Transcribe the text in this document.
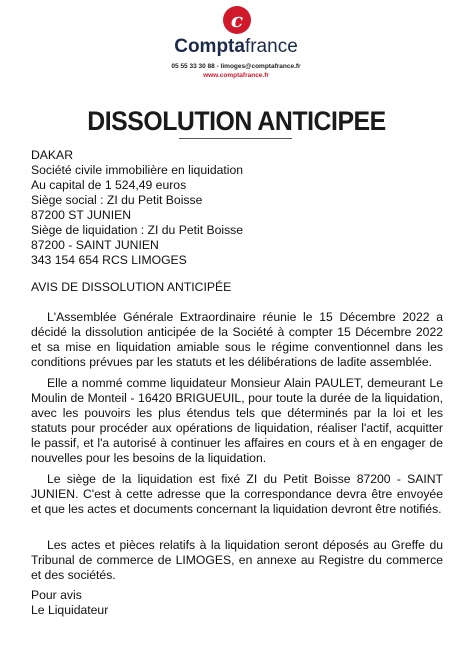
c
Comptafrance
05 55 33 30 88 - limoges@comptafrance.fr
www.comptafrance.fr
DISSOLUTION ANTICIPEE
DAKAR
Société civile immobilière en liquidation
Au capital de 1 524,49 euros
Siège social : ZI du Petit Boisse
87200 ST JUNIEN
Siège de liquidation : ZI du Petit Boisse
87200 - SAINT JUNIEN
343 154 654 RCS LIMOGES
AVIS DE DISSOLUTION ANTICIPÉE

L'Assemblée Générale Extraordinaire réunie le 15 Décembre 2022 a décidé la dissolution anticipée de la Société à compter 15 Décembre 2022 et sa mise en liquidation amiable sous le régime conventionnel dans les conditions prévues par les statuts et les délibérations de ladite assemblée.

Elle a nommé comme liquidateur Monsieur Alain PAULET, demeurant Le Moulin de Monteil - 16420 BRIGUEUIL, pour toute la durée de la liquidation, avec les pouvoirs les plus étendus tels que déterminés par la loi et les statuts pour procéder aux opérations de liquidation, réaliser l'actif, acquitter le passif, et l'a autorisé à continuer les affaires en cours et à en engager de nouvelles pour les besoins de la liquidation.

Le siège de la liquidation est fixé ZI du Petit Boisse 87200 - SAINT JUNIEN. C'est à cette adresse que la correspondance devra être envoyée et que les actes et documents concernant la liquidation devront être notifiés.

Les actes et pièces relatifs à la liquidation seront déposés au Greffe du Tribunal de commerce de LIMOGES, en annexe au Registre du commerce et des sociétés.

Pour avis
Le Liquidateur
